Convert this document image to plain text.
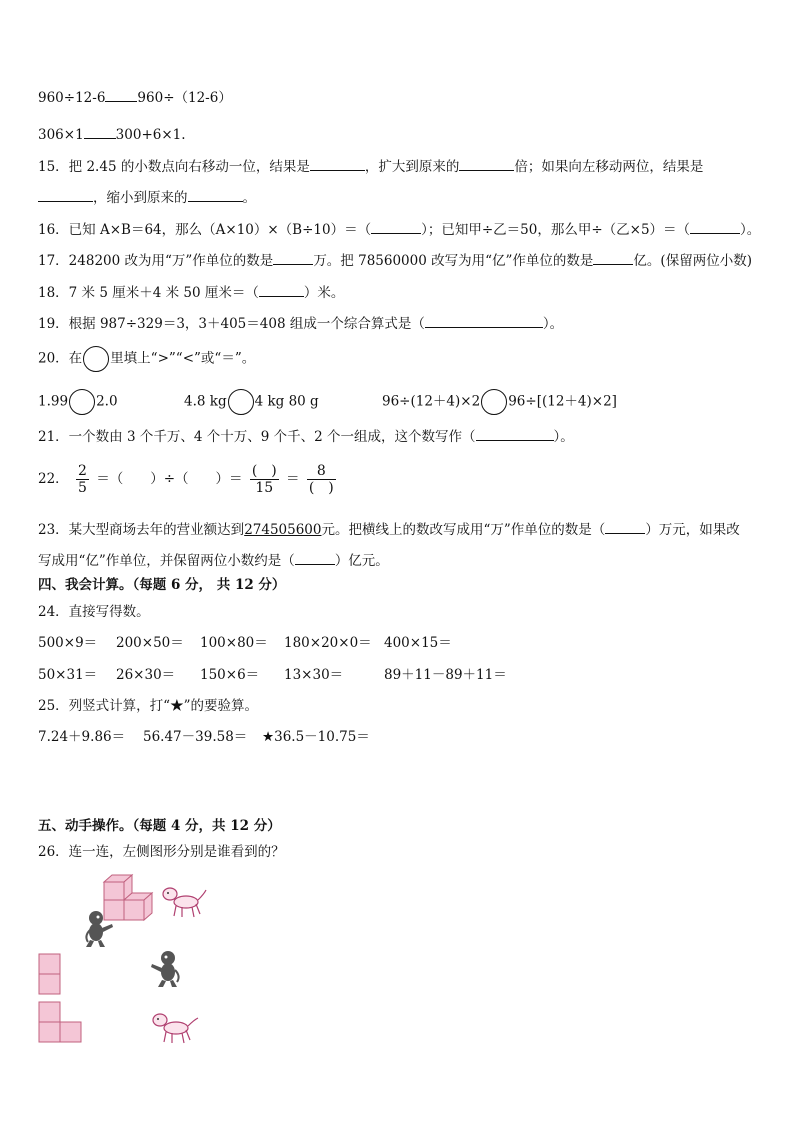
960÷12-6 960÷（12-6）
306×1 300+6×1.
15．把 2.45 的小数点向右移动一位，结果是	，扩大到原来的	倍；如果向左移动两位，结果是
，缩小到原来的	。
16．已知 A×B＝64，那么（A×10）×（B÷10）＝（	）；已知甲÷乙＝50，那么甲÷（乙×5）＝（	）。
17．248200 改为用“万”作单位的数是	万。把 78560000 改写为用“亿”作单位的数是	亿。(保留两位小数)
18．7 米 5 厘米＋4 米 50 厘米＝（	）米。
19．根据 987÷329＝3，3＋405＝408 组成一个综合算式是（	）。
20．在 里填上“>”“<”或“＝”。
1.99 2.0	4.8 kg 4 kg 80 g	96÷(12＋4)×2 96÷[(12＋4)×2]
21．一个数由 3 个千万、4 个十万、9 个千、2 个一组成，这个数写作（	）。
22． $\frac{2}{5}$ ＝（　　）÷（　　）＝ $\frac{( )}{15} = \frac{8}{( )}$
23．某大型商场去年的营业额达到274505600元。把横线上的数改写成用“万”作单位的数是（	）万元，如果改
写成用“亿”作单位，并保留两位小数约是（	）亿元。
四、我会计算。（每题 6 分， 共 12 分）
24．直接写得数。
500×9＝ 200×50＝ 100×80＝ 180×20×0＝ 400×15＝
50×31＝ 26×30＝ 150×6＝ 13×30＝	89＋11－89＋11＝
25．列竖式计算，打“★”的要验算。
7.24＋9.86＝ 56.47－39.58＝ ★36.5－10.75＝
五、动手操作。（每题 4 分，共 12 分）
26．连一连，左侧图形分别是谁看到的？
